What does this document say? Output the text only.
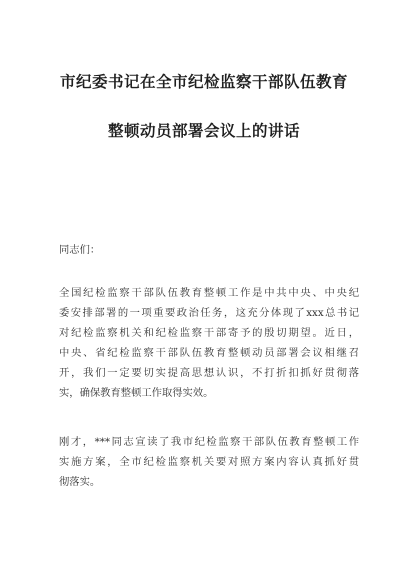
市纪委书记在全市纪检监察干部队伍教育
整顿动员部署会议上的讲话
同志们：
全国纪检监察干部队伍教育整顿工作是中共中央、中央纪
委安排部署的一项重要政治任务，这充分体现了xxx总书记
对纪检监察机关和纪检监察干部寄予的殷切期望。近日，
中央、省纪检监察干部队伍教育整顿动员部署会议相继召
开，我们一定要切实提高思想认识，不打折扣抓好贯彻落
实，确保教育整顿工作取得实效。
刚才，***同志宣读了我市纪检监察干部队伍教育整顿工作
实施方案，全市纪检监察机关要对照方案内容认真抓好贯
彻落实。
